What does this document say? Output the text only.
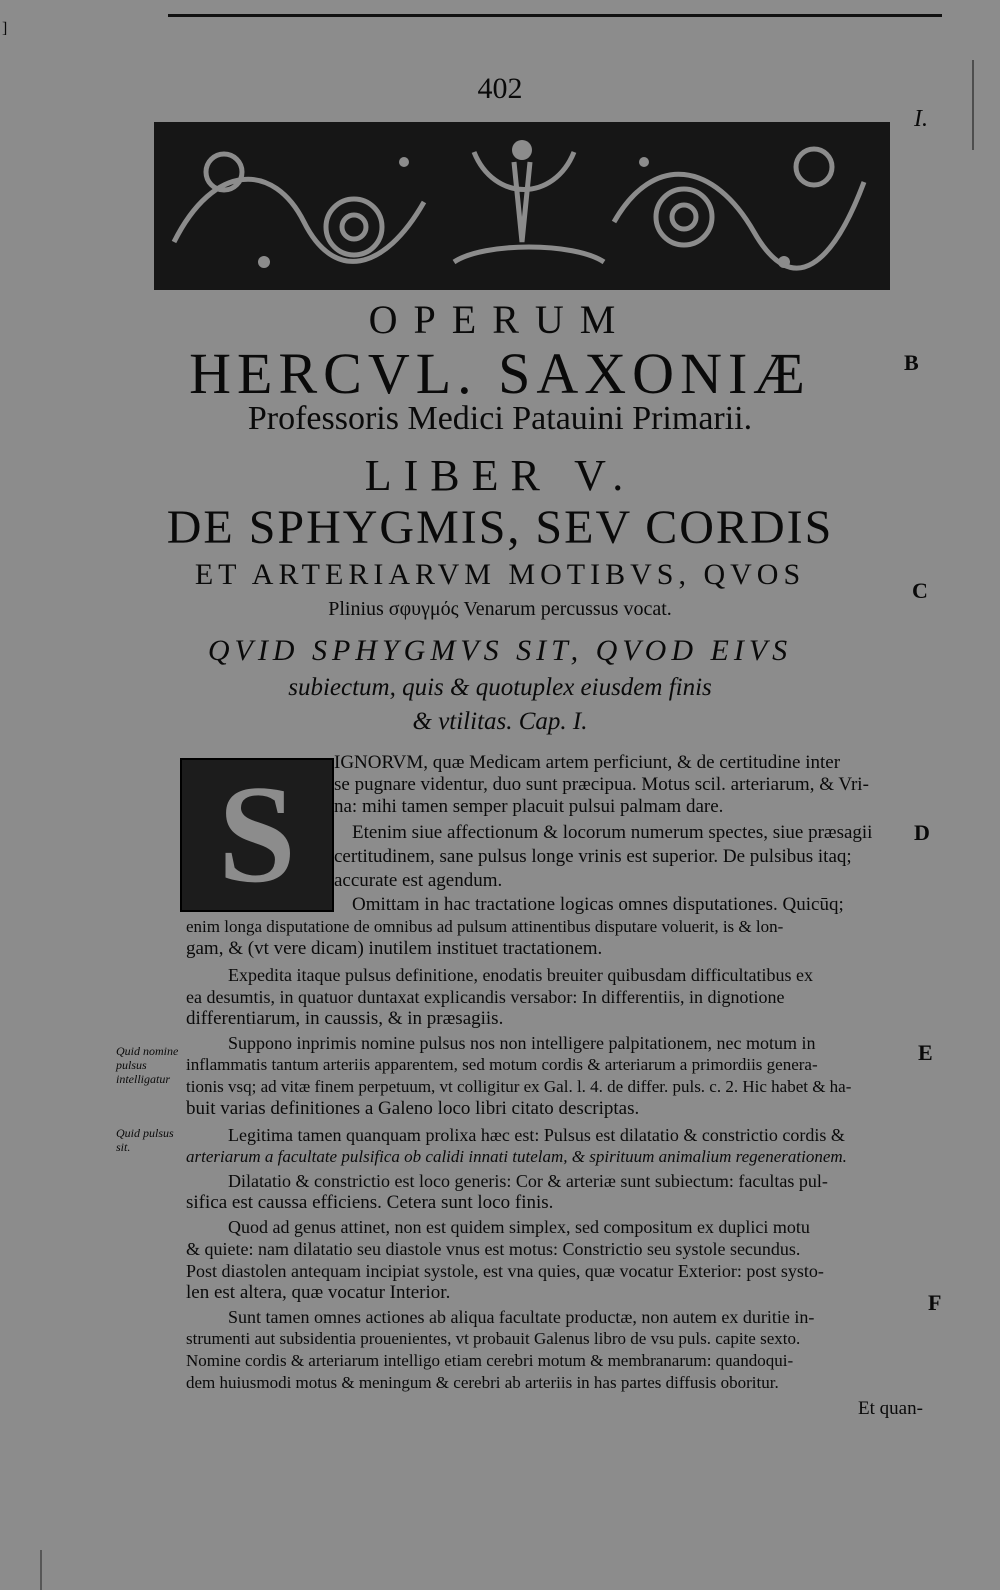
]
402
I.
OPERUM
HERCVL. SAXONIÆ
Professoris Medici Patauini Primarii.
LIBER V.
DE SPHYGMIS, SEV CORDIS
ET ARTERIARVM MOTIBVS, QVOS
Plinius σφυγμός Venarum percussus vocat.
QVID SPHYGMVS SIT, QVOD EIVS
subiectum, quis & quotuplex eiusdem finis
& vtilitas. Cap. I.
B
C
D
E
F
S
Quid nomine pulsus intelligatur
Quid pulsus sit.
IGNORVM, quæ Medicam artem perficiunt, & de certitudine inter
se pugnare videntur, duo sunt præcipua. Motus scil. arteriarum, & Vri-
na: mihi tamen semper placuit pulsui palmam dare.
Etenim siue affectionum & locorum numerum spectes, siue præsagii
certitudinem, sane pulsus longe vrinis est superior. De pulsibus itaq;
accurate est agendum.
Omittam in hac tractatione logicas omnes disputationes. Quicūq;
enim longa disputatione de omnibus ad pulsum attinentibus disputare voluerit, is & lon-
gam, & (vt vere dicam) inutilem instituet tractationem.
Expedita itaque pulsus definitione, enodatis breuiter quibusdam difficultatibus ex
ea desumtis, in quatuor duntaxat explicandis versabor: In differentiis, in dignotione
differentiarum, in caussis, & in præsagiis.
Suppono inprimis nomine pulsus nos non intelligere palpitationem, nec motum in
inflammatis tantum arteriis apparentem, sed motum cordis & arteriarum a primordiis genera-
tionis vsq; ad vitæ finem perpetuum, vt colligitur ex Gal. l. 4. de differ. puls. c. 2. Hic habet & ha-
buit varias definitiones a Galeno loco libri citato descriptas.
Legitima tamen quanquam prolixa hæc est: Pulsus est dilatatio & constrictio cordis &
arteriarum a facultate pulsifica ob calidi innati tutelam, & spirituum animalium regenerationem.
Dilatatio & constrictio est loco generis: Cor & arteriæ sunt subiectum: facultas pul-
sifica est caussa efficiens. Cetera sunt loco finis.
Quod ad genus attinet, non est quidem simplex, sed compositum ex duplici motu
& quiete: nam dilatatio seu diastole vnus est motus: Constrictio seu systole secundus.
Post diastolen antequam incipiat systole, est vna quies, quæ vocatur Exterior: post systo-
len est altera, quæ vocatur Interior.
Sunt tamen omnes actiones ab aliqua facultate productæ, non autem ex duritie in-
strumenti aut subsidentia prouenientes, vt probauit Galenus libro de vsu puls. capite sexto.
Nomine cordis & arteriarum intelligo etiam cerebri motum & membranarum: quandoqui-
dem huiusmodi motus & meningum & cerebri ab arteriis in has partes diffusis oboritur.
Et quan-
